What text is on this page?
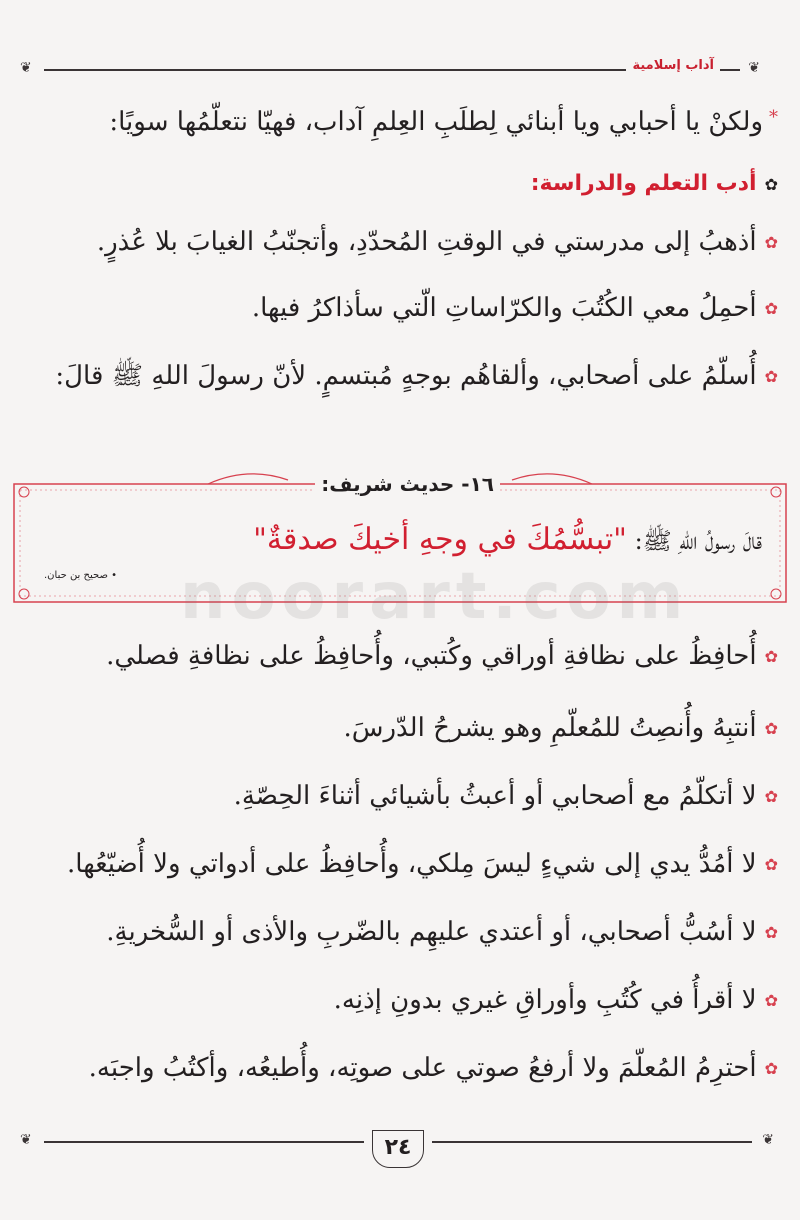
❦	❦
آداب إسلامية
*ولكنْ يا أحبابي ويا أبنائي لِطلَبِ العِلمِ آداب، فهيّا نتعلّمُها سويًا:
✿أدب التعلم والدراسة:
✿أذهبُ إلى مدرستي في الوقتِ المُحدّدِ، وأتجنّبُ الغيابَ بلا عُذرٍ.
✿أحمِلُ معي الكُتُبَ والكرّاساتِ الّتي سأذاكرُ فيها.
✿أُسلّمُ على أصحابي، وألقاهُم بوجهٍ مُبتسمٍ. لأنّ رسولَ اللهِ ﷺ قالَ:
١٦- حديث شريف:
قالَ رسولُ اللهِ ﷺ: "تبسُّمُكَ في وجهِ أخيكَ صدقةٌ"
• صحيح بن حبان. noorart.com
✿أُحافِظُ على نظافةِ أوراقي وكُتبي، وأُحافِظُ على نظافةِ فصلي.
✿أنتبِهُ وأُنصِتُ للمُعلّمِ وهو يشرحُ الدّرسَ.
✿لا أتكلّمُ مع أصحابي أو أعبثُ بأشيائي أثناءَ الحِصّةِ.
✿لا أمُدُّ يدي إلى شيءٍ ليسَ مِلكي، وأُحافِظُ على أدواتي ولا أُضيّعُها.
✿لا أسُبُّ أصحابي، أو أعتدي عليهِم بالضّربِ والأذى أو السُّخريةِ.
✿لا أقرأُ في كُتُبِ وأوراقِ غيري بدونِ إذنِه.
✿أحترِمُ المُعلّمَ ولا أرفعُ صوتي على صوتِه، وأُطيعُه، وأكتُبُ واجبَه.
❦	❦
٢٤
